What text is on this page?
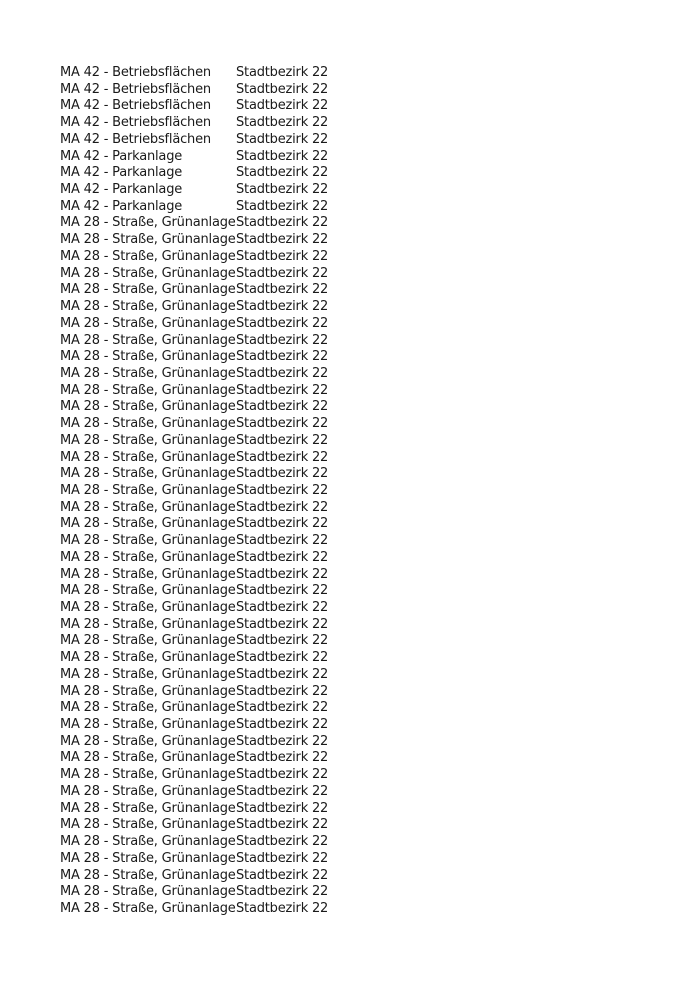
MA 42 - Betriebsflächen	Stadtbezirk 22
MA 42 - Betriebsflächen	Stadtbezirk 22
MA 42 - Betriebsflächen	Stadtbezirk 22
MA 42 - Betriebsflächen	Stadtbezirk 22
MA 42 - Betriebsflächen	Stadtbezirk 22
MA 42 - Parkanlage	Stadtbezirk 22
MA 42 - Parkanlage	Stadtbezirk 22
MA 42 - Parkanlage	Stadtbezirk 22
MA 42 - Parkanlage	Stadtbezirk 22
MA 28 - Straße, Grünanlage Stadtbezirk 22
MA 28 - Straße, Grünanlage Stadtbezirk 22
MA 28 - Straße, Grünanlage Stadtbezirk 22
MA 28 - Straße, Grünanlage Stadtbezirk 22
MA 28 - Straße, Grünanlage Stadtbezirk 22
MA 28 - Straße, Grünanlage Stadtbezirk 22
MA 28 - Straße, Grünanlage Stadtbezirk 22
MA 28 - Straße, Grünanlage Stadtbezirk 22
MA 28 - Straße, Grünanlage Stadtbezirk 22
MA 28 - Straße, Grünanlage Stadtbezirk 22
MA 28 - Straße, Grünanlage Stadtbezirk 22
MA 28 - Straße, Grünanlage Stadtbezirk 22
MA 28 - Straße, Grünanlage Stadtbezirk 22
MA 28 - Straße, Grünanlage Stadtbezirk 22
MA 28 - Straße, Grünanlage Stadtbezirk 22
MA 28 - Straße, Grünanlage Stadtbezirk 22
MA 28 - Straße, Grünanlage Stadtbezirk 22
MA 28 - Straße, Grünanlage Stadtbezirk 22
MA 28 - Straße, Grünanlage Stadtbezirk 22
MA 28 - Straße, Grünanlage Stadtbezirk 22
MA 28 - Straße, Grünanlage Stadtbezirk 22
MA 28 - Straße, Grünanlage Stadtbezirk 22
MA 28 - Straße, Grünanlage Stadtbezirk 22
MA 28 - Straße, Grünanlage Stadtbezirk 22
MA 28 - Straße, Grünanlage Stadtbezirk 22
MA 28 - Straße, Grünanlage Stadtbezirk 22
MA 28 - Straße, Grünanlage Stadtbezirk 22
MA 28 - Straße, Grünanlage Stadtbezirk 22
MA 28 - Straße, Grünanlage Stadtbezirk 22
MA 28 - Straße, Grünanlage Stadtbezirk 22
MA 28 - Straße, Grünanlage Stadtbezirk 22
MA 28 - Straße, Grünanlage Stadtbezirk 22
MA 28 - Straße, Grünanlage Stadtbezirk 22
MA 28 - Straße, Grünanlage Stadtbezirk 22
MA 28 - Straße, Grünanlage Stadtbezirk 22
MA 28 - Straße, Grünanlage Stadtbezirk 22
MA 28 - Straße, Grünanlage Stadtbezirk 22
MA 28 - Straße, Grünanlage Stadtbezirk 22
MA 28 - Straße, Grünanlage Stadtbezirk 22
MA 28 - Straße, Grünanlage Stadtbezirk 22
MA 28 - Straße, Grünanlage Stadtbezirk 22
MA 28 - Straße, Grünanlage Stadtbezirk 22
